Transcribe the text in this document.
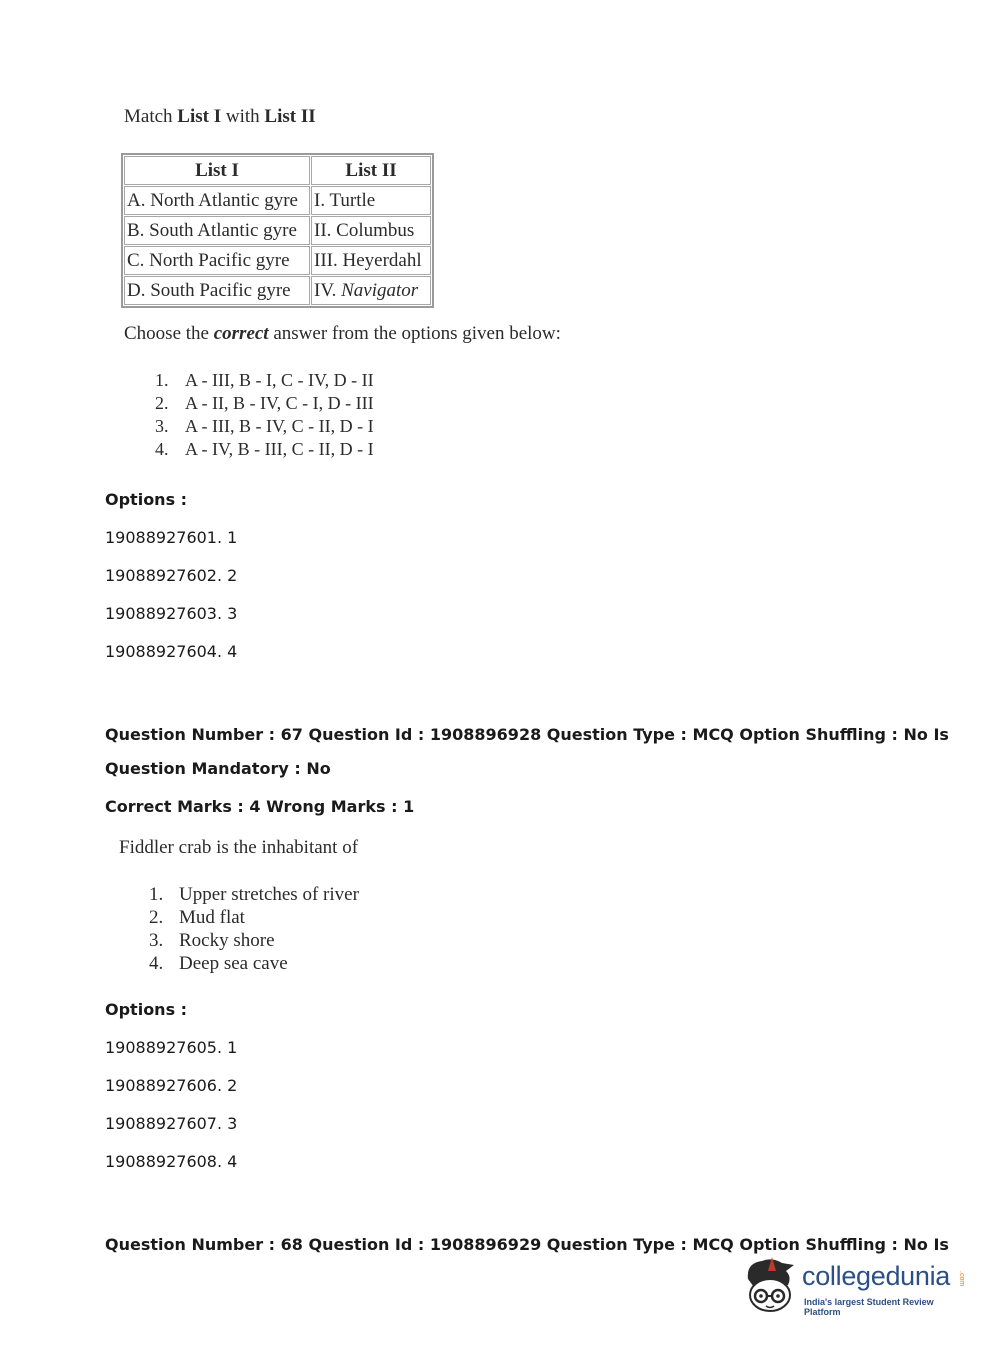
Match List I with List II
List I	List II
A. North Atlantic gyre	I. Turtle
B. South Atlantic gyre	II. Columbus
C. North Pacific gyre	III. Heyerdahl
D. South Pacific gyre	IV. Navigator
Choose the correct answer from the options given below:
1. A - III, B - I, C - IV, D - II
2. A - II, B - IV, C - I, D - III
3. A - III, B - IV, C - II, D - I
4. A - IV, B - III, C - II, D - I
Options :
19088927601. 1
19088927602. 2
19088927603. 3
19088927604. 4
Question Number : 67 Question Id : 1908896928 Question Type : MCQ Option Shuffling : No Is
Question Mandatory : No
Correct Marks : 4 Wrong Marks : 1
Fiddler crab is the inhabitant of
1. Upper stretches of river
2. Mud flat
3. Rocky shore
4. Deep sea cave
Options :
19088927605. 1
19088927606. 2
19088927607. 3
19088927608. 4
Question Number : 68 Question Id : 1908896929 Question Type : MCQ Option Shuffling : No Is
collegedunia .com
India's largest Student Review Platform
